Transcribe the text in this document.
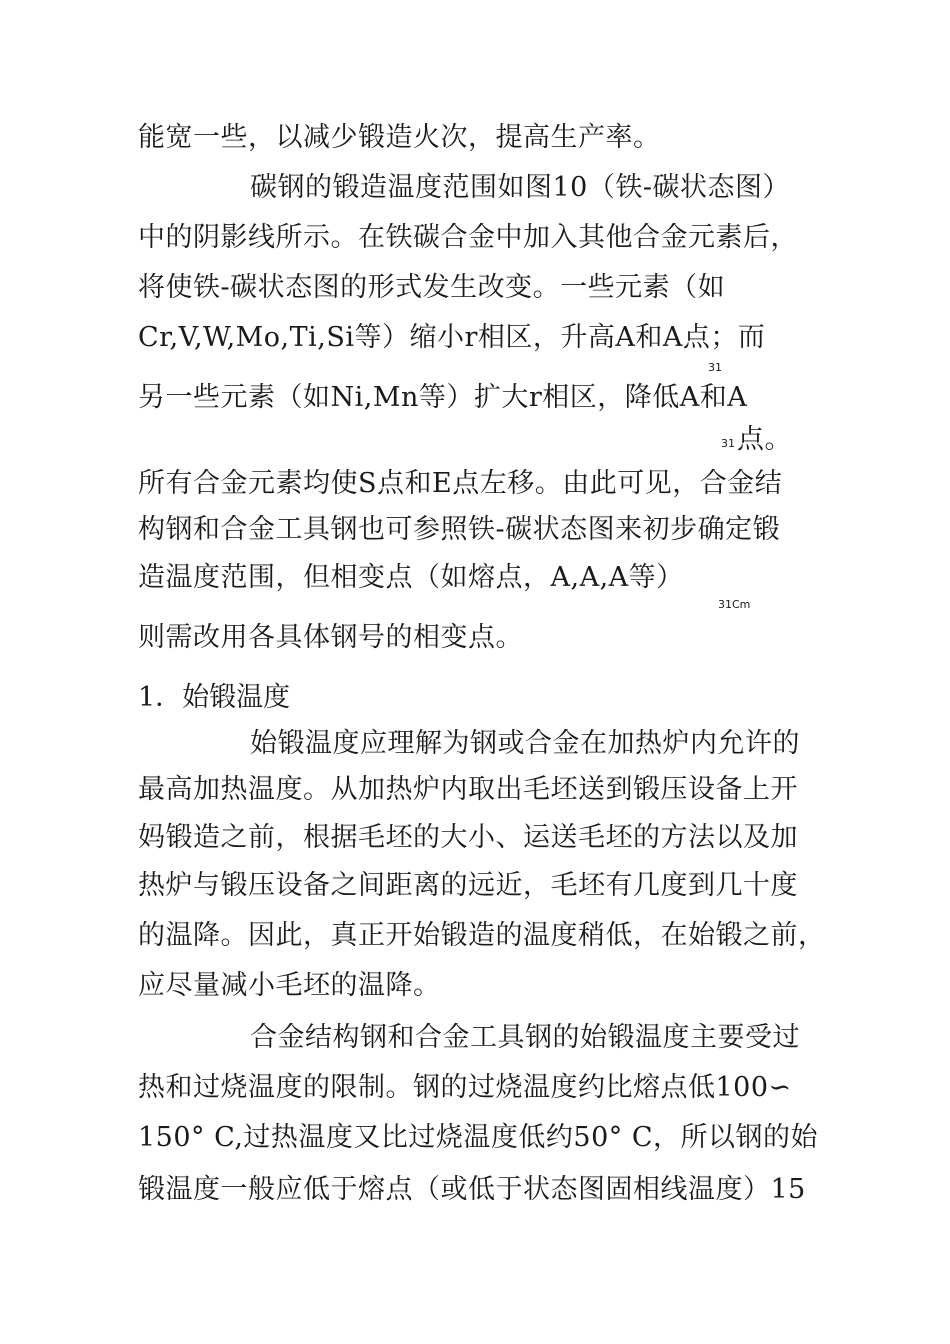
能宽一些，以减少锻造火次，提高生产率。
碳钢的锻造温度范围如图10（铁-碳状态图）
中的阴影线所示。在铁碳合金中加入其他合金元素后，
将使铁-碳状态图的形式发生改变。一些元素（如
Cr,V,W,Mo,Ti,Si等）缩小r相区，升高A和A点；而
31
另一些元素（如Ni,Mn等）扩大r相区，降低A和A
31 点。
所有合金元素均使S点和E点左移。由此可见，合金结
构钢和合金工具钢也可参照铁-碳状态图来初步确定锻
造温度范围，但相变点（如熔点，A,A,A等）
31Cm
则需改用各具体钢号的相变点。
1．始锻温度
始锻温度应理解为钢或合金在加热炉内允许的
最高加热温度。从加热炉内取出毛坯送到锻压设备上开
妈锻造之前，根据毛坯的大小、运送毛坯的方法以及加
热炉与锻压设备之间距离的远近，毛坯有几度到几十度
的温降。因此，真正开始锻造的温度稍低，在始锻之前，
应尽量减小毛坯的温降。
合金结构钢和合金工具钢的始锻温度主要受过
热和过烧温度的限制。钢的过烧温度约比熔点低100∽
150° C,过热温度又比过烧温度低约50° C，所以钢的始
锻温度一般应低于熔点（或低于状态图固相线温度）15
